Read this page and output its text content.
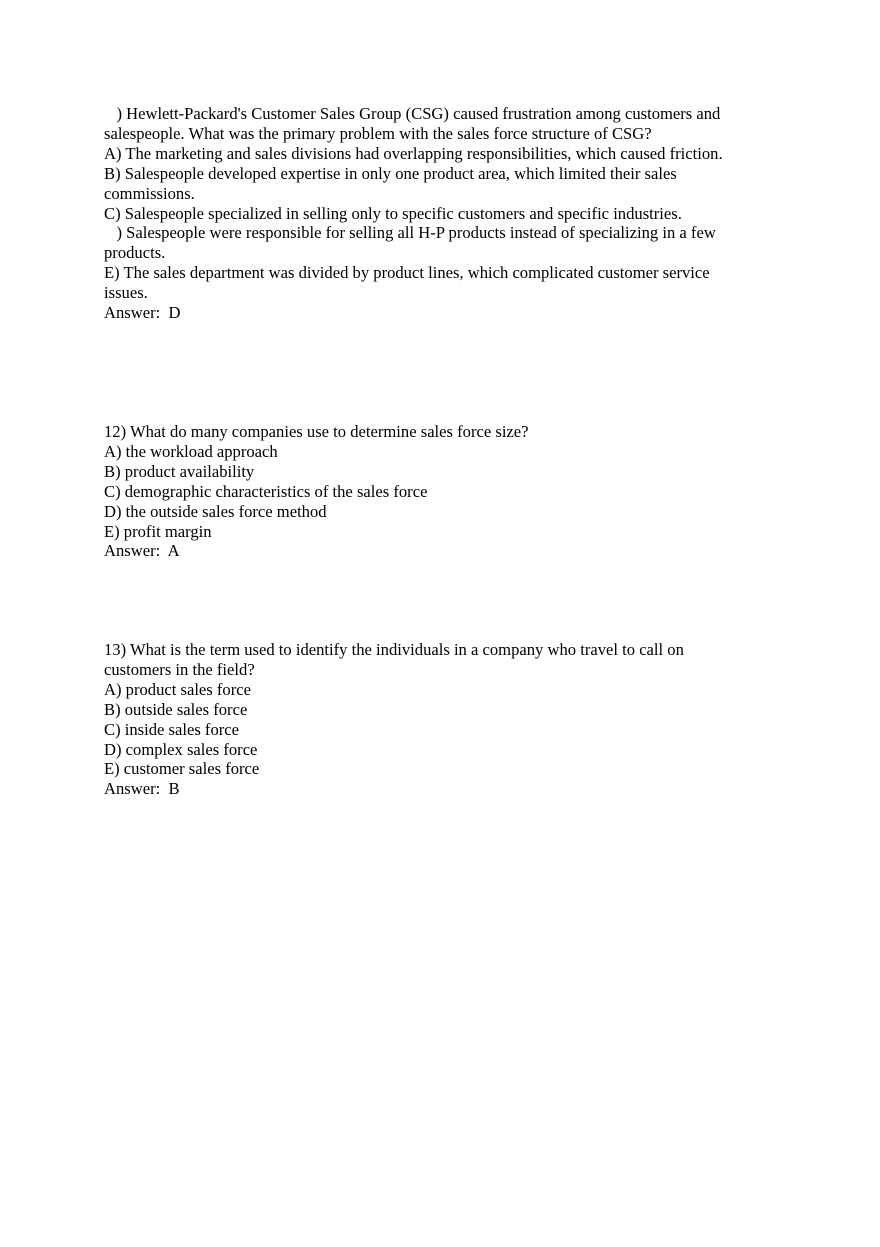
) Hewlett-Packard's Customer Sales Group (CSG) caused frustration among customers and
salespeople. What was the primary problem with the sales force structure of CSG?
A) The marketing and sales divisions had overlapping responsibilities, which caused friction.
B) Salespeople developed expertise in only one product area, which limited their sales
commissions.
C) Salespeople specialized in selling only to specific customers and specific industries.
) Salespeople were responsible for selling all H-P products instead of specializing in a few
products.
E) The sales department was divided by product lines, which complicated customer service
issues.
Answer:  D
12) What do many companies use to determine sales force size?
A) the workload approach
B) product availability
C) demographic characteristics of the sales force
D) the outside sales force method
E) profit margin
Answer:  A
13) What is the term used to identify the individuals in a company who travel to call on
customers in the field?
A) product sales force
B) outside sales force
C) inside sales force
D) complex sales force
E) customer sales force
Answer:  B
